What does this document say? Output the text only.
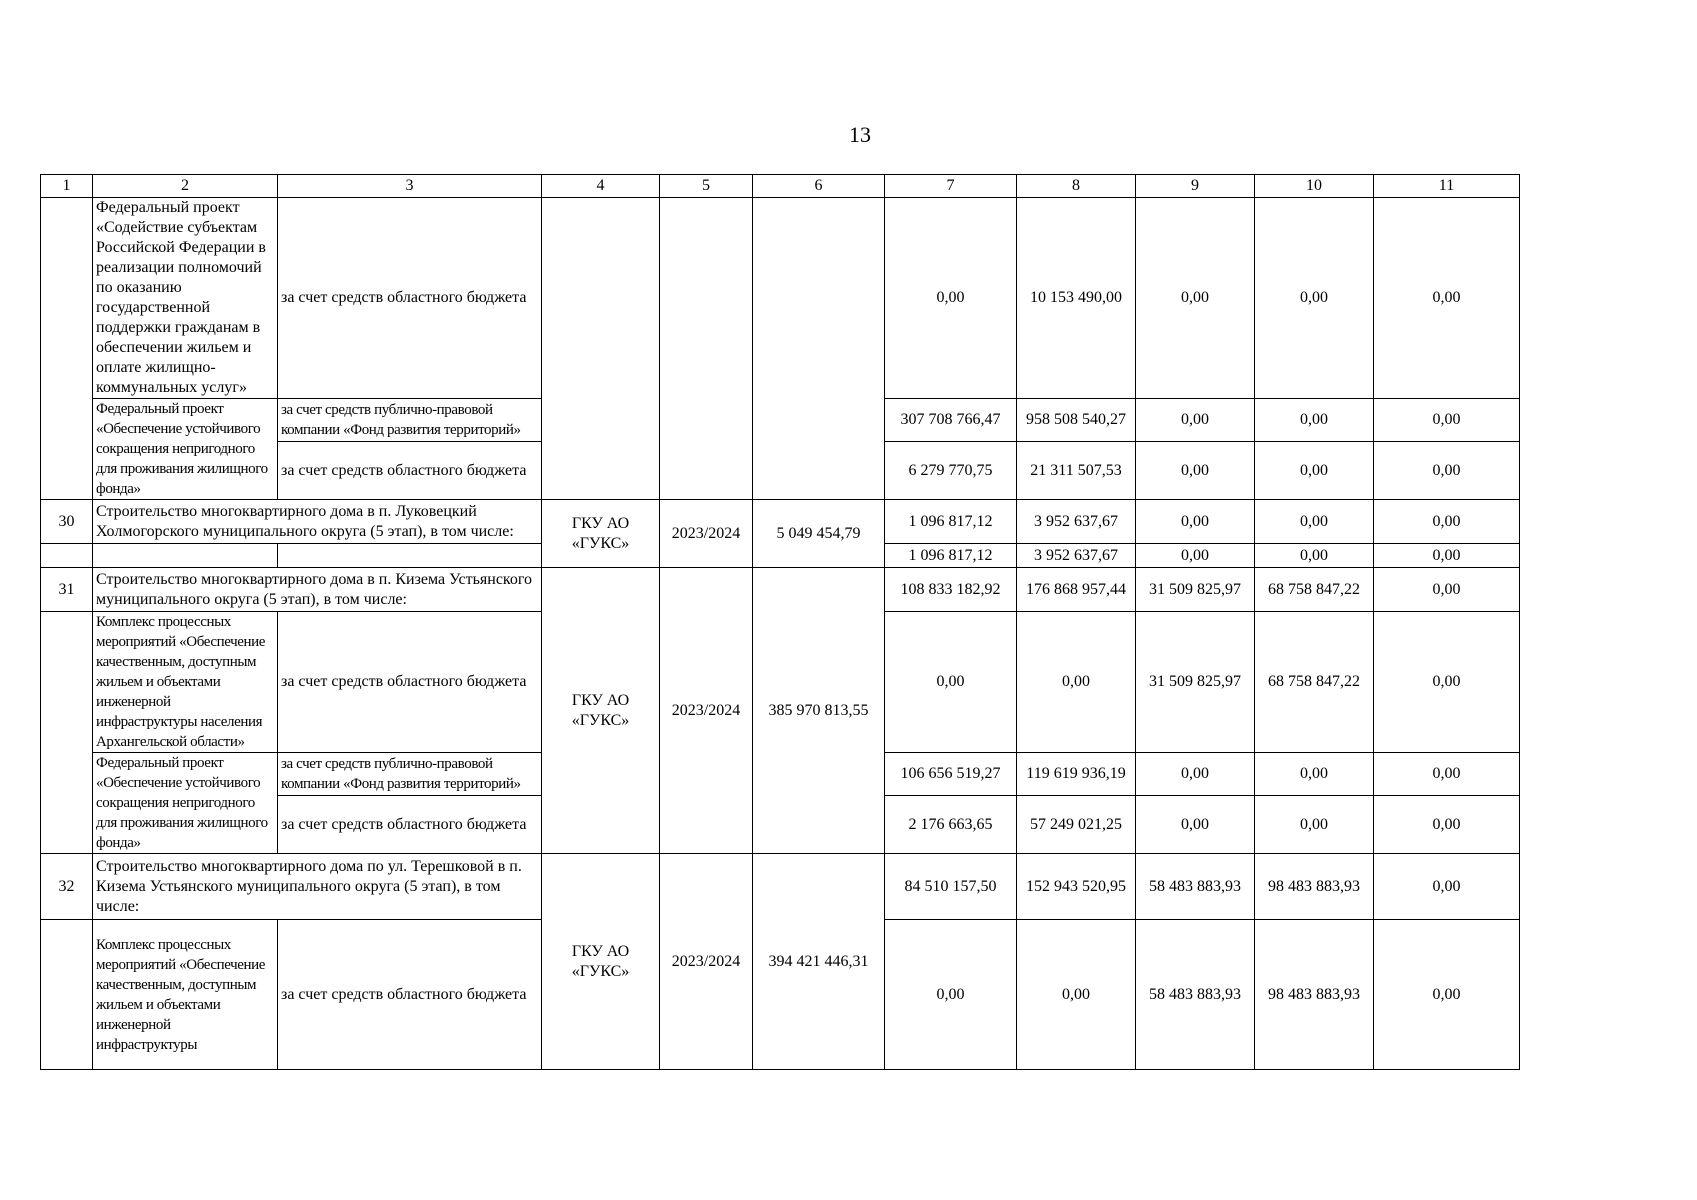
13
1	2	3	4	5	6	7	8	9	10	11
	Федеральный проект «Содействие субъектам Российской Федерации в реализации полномочий по оказанию государственной поддержки гражданам в обеспечении жильем и оплате жилищно-коммунальных услуг»	за счет средств областного бюджета				0,00	10 153 490,00	0,00	0,00	0,00
	Федеральный проект «Обеспечение устойчивого сокращения непригодного для проживания жилищного фонда»	за счет средств публично-правовой компании «Фонд развития территорий»				307 708 766,47	958 508 540,27	0,00	0,00	0,00
		за счет средств областного бюджета				6 279 770,75	21 311 507,53	0,00	0,00	0,00
30	Строительство многоквартирного дома в п. Луковецкий Холмогорского муниципального округа (5 этап), в том числе:		ГКУ АО «ГУКС»	2023/2024	5 049 454,79	1 096 817,12	3 952 637,67	0,00	0,00	0,00
						1 096 817,12	3 952 637,67	0,00	0,00	0,00
31	Строительство многоквартирного дома в п. Кизема Устьянского муниципального округа (5 этап), в том числе:		ГКУ АО «ГУКС»	2023/2024	385 970 813,55	108 833 182,92	176 868 957,44	31 509 825,97	68 758 847,22	0,00
	Комплекс процессных мероприятий «Обеспечение качественным, доступным жильем и объектами инженерной инфраструктуры населения Архангельской области»	за счет средств областного бюджета				0,00	0,00	31 509 825,97	68 758 847,22	0,00
	Федеральный проект «Обеспечение устойчивого сокращения непригодного для проживания жилищного фонда»	за счет средств публично-правовой компании «Фонд развития территорий»				106 656 519,27	119 619 936,19	0,00	0,00	0,00
		за счет средств областного бюджета				2 176 663,65	57 249 021,25	0,00	0,00	0,00
32	Строительство многоквартирного дома по ул. Терешковой в п. Кизема Устьянского муниципального округа (5 этап), в том числе:		ГКУ АО «ГУКС»	2023/2024	394 421 446,31	84 510 157,50	152 943 520,95	58 483 883,93	98 483 883,93	0,00
	Комплекс процессных мероприятий «Обеспечение качественным, доступным жильем и объектами инженерной инфраструктуры	за счет средств областного бюджета				0,00	0,00	58 483 883,93	98 483 883,93	0,00
